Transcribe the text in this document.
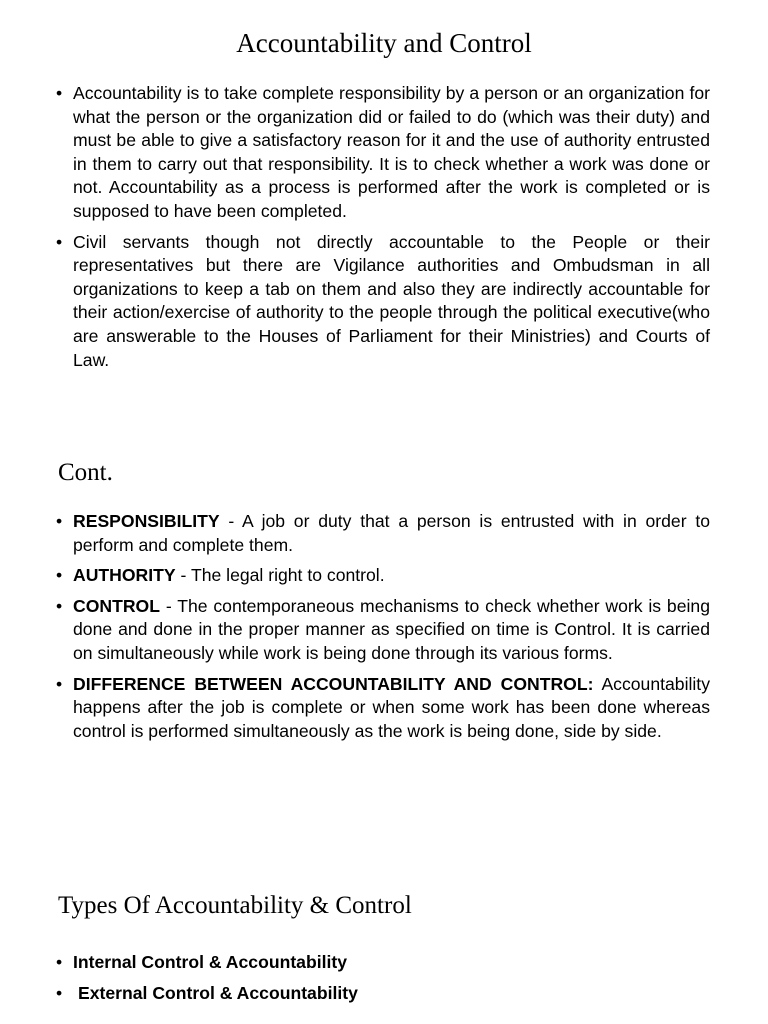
Accountability and Control
• Accountability is to take complete responsibility by a person or an organization for what the person or the organization did or failed to do (which was their duty) and must be able to give a satisfactory reason for it and the use of authority entrusted in them to carry out that responsibility. It is to check whether a work was done or not. Accountability as a process is performed after the work is completed or is supposed to have been completed.
• Civil servants though not directly accountable to the People or their representatives but there are Vigilance authorities and Ombudsman in all organizations to keep a tab on them and also they are indirectly accountable for their action/exercise of authority to the people through the political executive(who are answerable to the Houses of Parliament for their Ministries) and Courts of Law.
Cont.
• RESPONSIBILITY - A job or duty that a person is entrusted with in order to perform and complete them.
• AUTHORITY - The legal right to control.
• CONTROL - The contemporaneous mechanisms to check whether work is being done and done in the proper manner as specified on time is Control. It is carried on simultaneously while work is being done through its various forms.
• DIFFERENCE BETWEEN ACCOUNTABILITY AND CONTROL: Accountability happens after the job is complete or when some work has been done whereas control is performed simultaneously as the work is being done, side by side.
Types Of Accountability & Control
• Internal Control & Accountability
• External Control & Accountability
